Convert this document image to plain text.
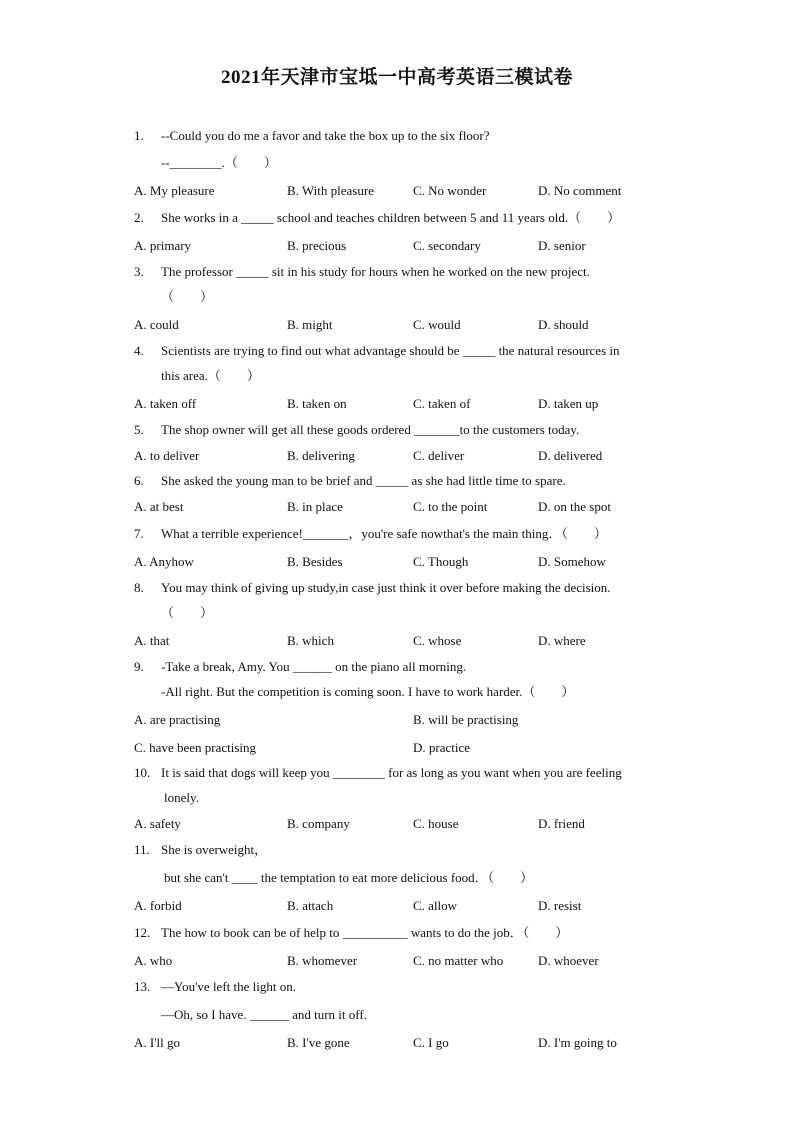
2021年天津市宝坻一中高考英语三模试卷
1. --Could you do me a favor and take the box up to the six floor?
--________.（　　）
A. My pleasure	B. With pleasure	C. No wonder	D. No comment
2. She works in a _____ school and teaches children between 5 and 11 years old.（　　）
A. primary	B. precious	C. secondary	D. senior
3. The professor _____ sit in his study for hours when he worked on the new project.
（　　）
A. could	B. might	C. would	D. should
4. Scientists are trying to find out what advantage should be _____ the natural resources in
this area.（　　）
A. taken off	B. taken on	C. taken of	D. taken up
5. The shop owner will get all these goods ordered _______to the customers today.
A. to deliver	B. delivering	C. deliver	D. delivered
6. She asked the young man to be brief and _____ as she had little time to spare.
A. at best	B. in place	C. to the point	D. on the spot
7. What a terrible experience!_______，you're safe nowthat's the main thing．（　　）
A. Anyhow	B. Besides	C. Though	D. Somehow
8. You may think of giving up study,in case just think it over before making the decision.
（　　）
A. that	B. which	C. whose	D. where
9. -Take a break, Amy. You ______ on the piano all morning.
-All right. But the competition is coming soon. I have to work harder.（　　）
A. are practising	B. will be practising
C. have been practising	D. practice
10. It is said that dogs will keep you ________ for as long as you want when you are feeling
lonely.
A. safety	B. company	C. house	D. friend
11. She is overweight，
but she can't ____ the temptation to eat more delicious food．（　　）
A. forbid	B. attach	C. allow	D. resist
12. The how to book can be of help to __________ wants to do the job．（　　）
A. who	B. whomever	C. no matter who	D. whoever
13. —You've left the light on.
—Oh, so I have. ______ and turn it off.
A. I'll go	B. I've gone	C. I go	D. I'm going to
